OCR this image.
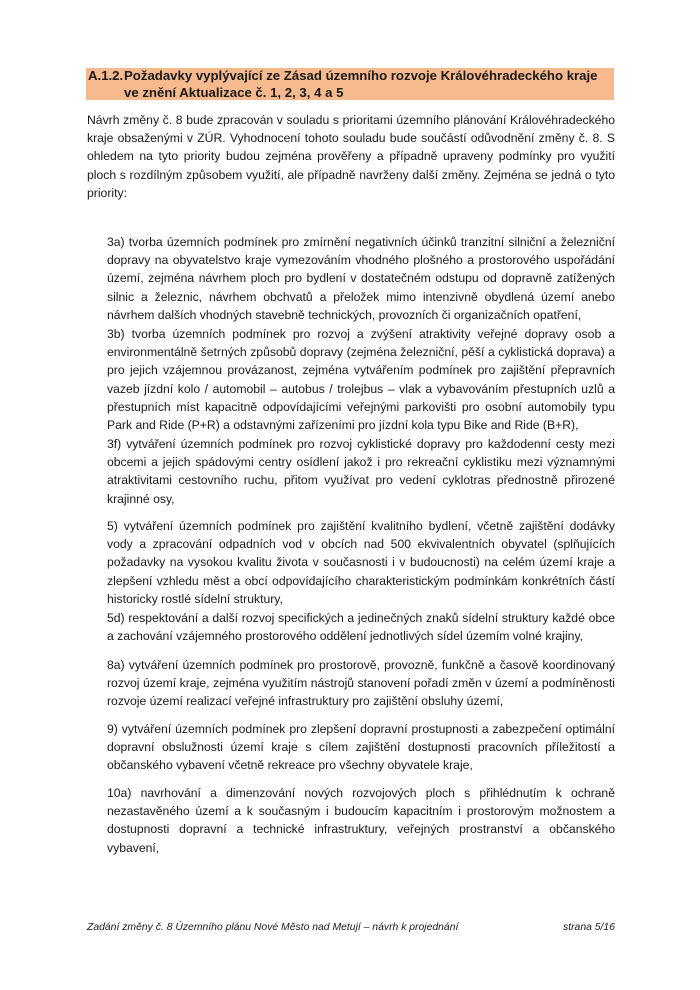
A.1.2.Požadavky vyplývající ze Zásad územního rozvoje Královéhradeckého kraje
ve znění Aktualizace č. 1, 2, 3, 4 a 5

Návrh změny č. 8 bude zpracován v souladu s prioritami územního plánování Královéhradeckého kraje obsaženými v ZÚR. Vyhodnocení tohoto souladu bude součástí odůvodnění změny č. 8. S ohledem na tyto priority budou zejména prověřeny a případně upraveny podmínky pro využití ploch s rozdílným způsobem využití, ale případně navrženy další změny. Zejména se jedná o tyto priority:

3a) tvorba územních podmínek pro zmírnění negativních účinků tranzitní silniční a železniční dopravy na obyvatelstvo kraje vymezováním vhodného plošného a prostorového uspořádání území, zejména návrhem ploch pro bydlení v dostatečném odstupu od dopravně zatížených silnic a železnic, návrhem obchvatů a přeložek mimo intenzivně obydlená území anebo návrhem dalších vhodných stavebně technických, provozních či organizačních opatření,

3b) tvorba územních podmínek pro rozvoj a zvýšení atraktivity veřejné dopravy osob a environmentálně šetrných způsobů dopravy (zejména železniční, pěší a cyklistická doprava) a pro jejich vzájemnou provázanost, zejména vytvářením podmínek pro zajištění přepravních vazeb jízdní kolo / automobil – autobus / trolejbus – vlak a vybavováním přestupních uzlů a přestupních míst kapacitně odpovídajícími veřejnými parkovišti pro osobní automobily typu Park and Ride (P+R) a odstavnými zařízeními pro jízdní kola typu Bike and Ride (B+R),

3f) vytváření územních podmínek pro rozvoj cyklistické dopravy pro každodenní cesty mezi obcemi a jejich spádovými centry osídlení jakož i pro rekreační cyklistiku mezi významnými atraktivitami cestovního ruchu, přitom využívat pro vedení cyklotras přednostně přirozené krajinné osy,

5) vytváření územních podmínek pro zajištění kvalitního bydlení, včetně zajištění dodávky vody a zpracování odpadních vod v obcích nad 500 ekvivalentních obyvatel (splňujících požadavky na vysokou kvalitu života v současnosti i v budoucnosti) na celém území kraje a zlepšení vzhledu měst a obcí odpovídajícího charakteristickým podmínkám konkrétních částí historicky rostlé sídelní struktury,

5d) respektování a další rozvoj specifických a jedinečných znaků sídelní struktury každé obce a zachování vzájemného prostorového oddělení jednotlivých sídel územím volné krajiny,

8a) vytváření územních podmínek pro prostorově, provozně, funkčně a časově koordinovaný rozvoj území kraje, zejména využitím nástrojů stanovení pořadí změn v území a podmíněnosti rozvoje území realizací veřejné infrastruktury pro zajištění obsluhy území,

9) vytváření územních podmínek pro zlepšení dopravní prostupnosti a zabezpečení optimální dopravní obslužnosti území kraje s cílem zajištění dostupnosti pracovních příležitostí a občanského vybavení včetně rekreace pro všechny obyvatele kraje,

10a) navrhování a dimenzování nových rozvojových ploch s přihlédnutím k ochraně nezastavěného území a k současným i budoucím kapacitním i prostorovým možnostem a dostupnosti dopravní a technické infrastruktury, veřejných prostranství a občanského vybavení,

Zadání změny č. 8 Územního plánu Nové Město nad Metují – návrh k projednání	strana 5/16
